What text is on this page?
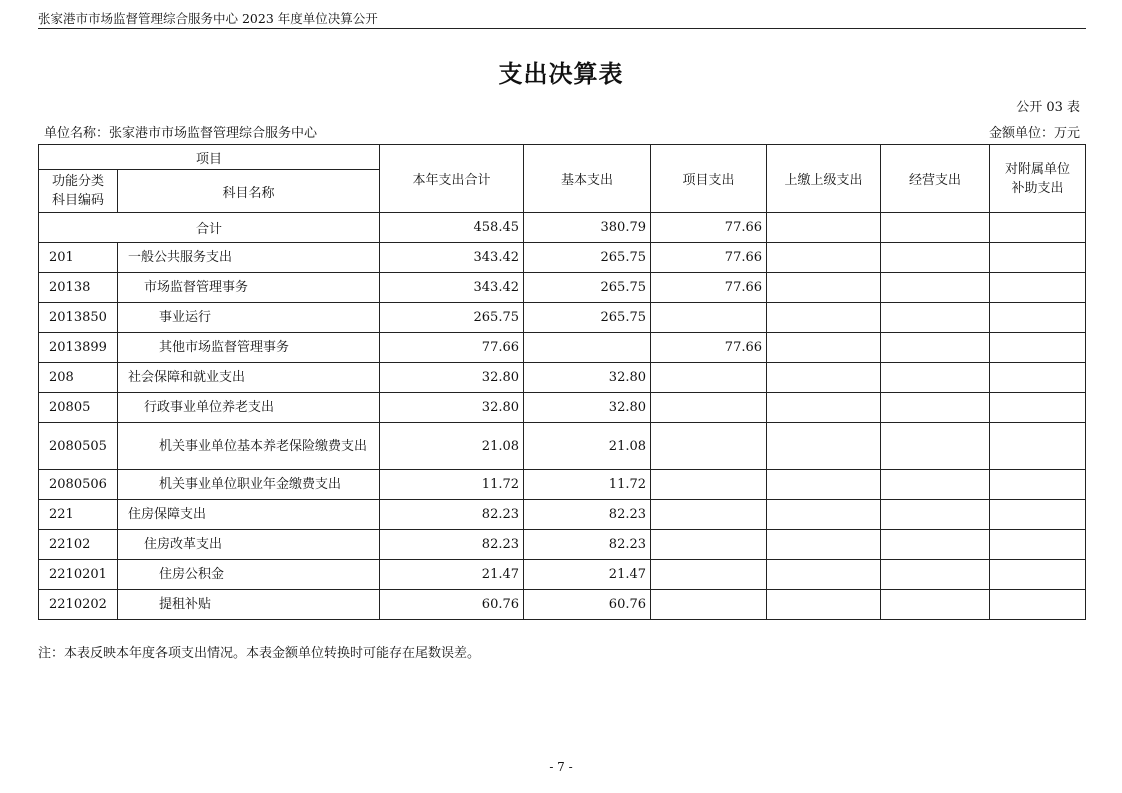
张家港市市场监督管理综合服务中心 2023 年度单位决算公开
支出决算表
公开 03 表
单位名称：张家港市市场监督管理综合服务中心	金额单位：万元
项目		本年支出合计	基本支出	项目支出	上缴上级支出	经营支出	对附属单位
补助支出
功能分类
科目编码	科目名称						
合计		458.45	380.79	77.66			
201	一般公共服务支出	343.42	265.75	77.66			
20138	市场监督管理事务	343.42	265.75	77.66			
2013850	事业运行	265.75	265.75				
2013899	其他市场监督管理事务	77.66		77.66			
208	社会保障和就业支出	32.80	32.80				
20805	行政事业单位养老支出	32.80	32.80				
2080505	机关事业单位基本养老保险缴费支出	21.08	21.08				
2080506	机关事业单位职业年金缴费支出	11.72	11.72				
221	住房保障支出	82.23	82.23				
22102	住房改革支出	82.23	82.23				
2210201	住房公积金	21.47	21.47				
2210202	提租补贴	60.76	60.76				
注：本表反映本年度各项支出情况。本表金额单位转换时可能存在尾数误差。
- 7 -
